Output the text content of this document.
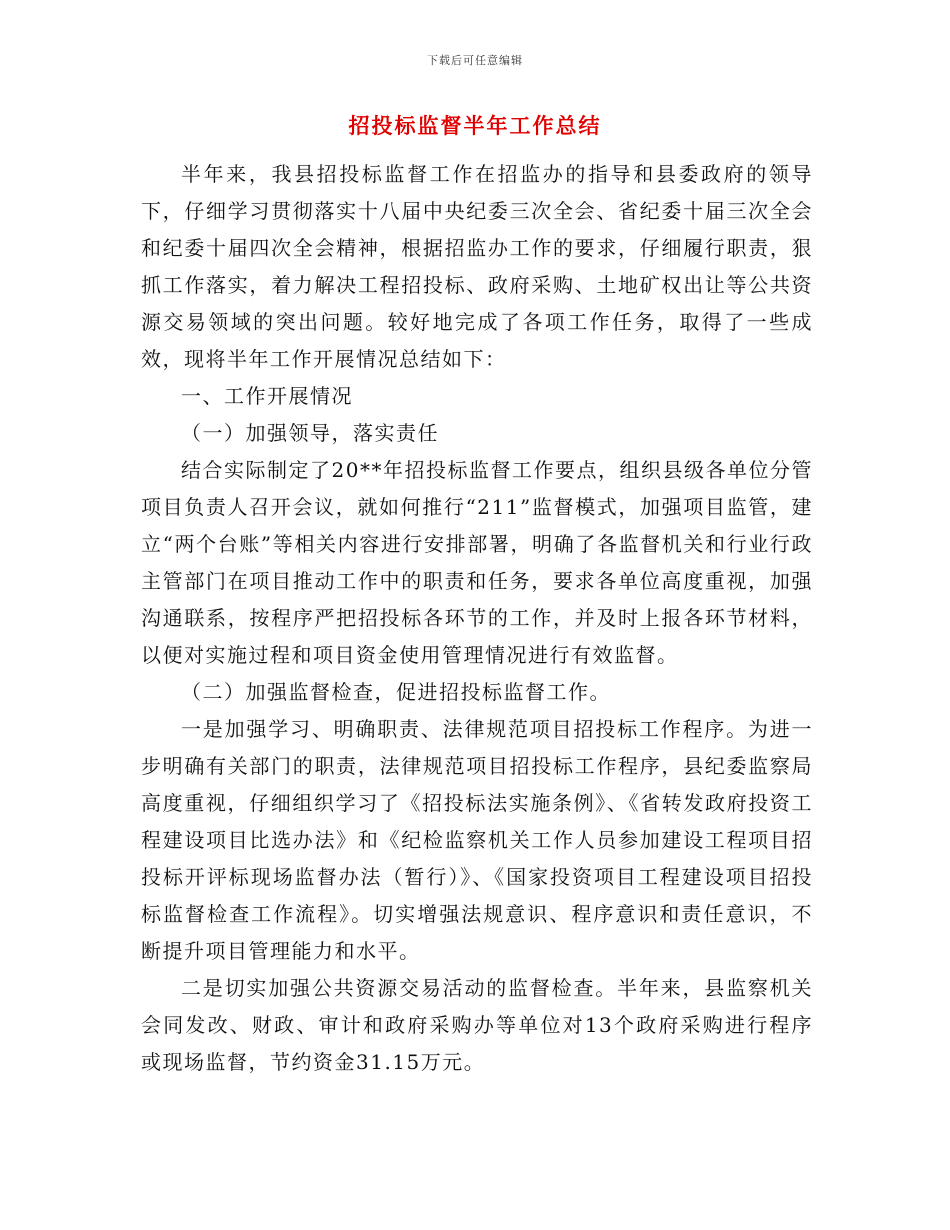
下载后可任意编辑
招投标监督半年工作总结

半年来，我县招投标监督工作在招监办的指导和县委政府的领导下，仔细学习贯彻落实十八届中央纪委三次全会、省纪委十届三次全会和纪委十届四次全会精神，根据招监办工作的要求，仔细履行职责，狠抓工作落实，着力解决工程招投标、政府采购、土地矿权出让等公共资源交易领域的突出问题。较好地完成了各项工作任务，取得了一些成效，现将半年工作开展情况总结如下：

一、工作开展情况

（一）加强领导，落实责任

结合实际制定了20**年招投标监督工作要点，组织县级各单位分管项目负责人召开会议，就如何推行“211”监督模式，加强项目监管，建立“两个台账”等相关内容进行安排部署，明确了各监督机关和行业行政主管部门在项目推动工作中的职责和任务，要求各单位高度重视，加强沟通联系，按程序严把招投标各环节的工作，并及时上报各环节材料，以便对实施过程和项目资金使用管理情况进行有效监督。

（二）加强监督检查，促进招投标监督工作。

一是加强学习、明确职责、法律规范项目招投标工作程序。为进一步明确有关部门的职责，法律规范项目招投标工作程序，县纪委监察局高度重视，仔细组织学习了《招投标法实施条例》、《省转发政府投资工程建设项目比选办法》和《纪检监察机关工作人员参加建设工程项目招投标开评标现场监督办法（暂行）》、《国家投资项目工程建设项目招投标监督检查工作流程》。切实增强法规意识、程序意识和责任意识，不断提升项目管理能力和水平。

二是切实加强公共资源交易活动的监督检查。半年来，县监察机关会同发改、财政、审计和政府采购办等单位对13个政府采购进行程序或现场监督，节约资金31.15万元。
